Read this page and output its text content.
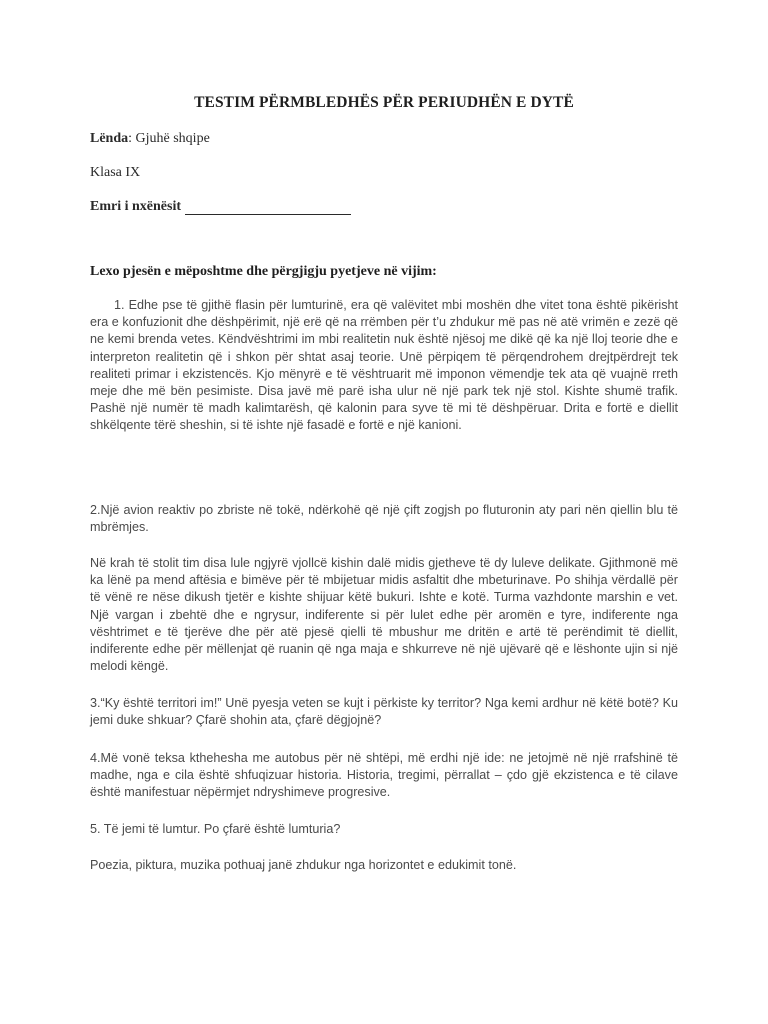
TESTIM PËRMBLEDHËS PËR PERIUDHËN E DYTË
Lënda: Gjuhë shqipe
Klasa IX
Emri i nxënësit
Lexo pjesën e mëposhtme dhe përgjigju pyetjeve në vijim:

1. Edhe pse të gjithë flasin për lumturinë, era që valëvitet mbi moshën dhe vitet tona është pikërisht era e konfuzionit dhe dëshpërimit, një erë që na rrëmben për t’u zhdukur më pas në atë vrimën e zezë që ne kemi brenda vetes. Këndvështrimi im mbi realitetin nuk është njësoj me dikë që ka një lloj teorie dhe e interpreton realitetin që i shkon për shtat asaj teorie. Unë përpiqem të përqendrohem drejtpërdrejt tek realiteti primar i ekzistencës. Kjo mënyrë e të vështruarit më imponon vëmendje tek ata që vuajnë rreth meje dhe më bën pesimiste. Disa javë më parë isha ulur në një park tek një stol. Kishte shumë trafik. Pashë një numër të madh kalimtarësh, që kalonin para syve të mi të dëshpëruar. Drita e fortë e diellit shkëlqente tërë sheshin, si të ishte një fasadë e fortë e një kanioni.

2.Një avion reaktiv po zbriste në tokë, ndërkohë që një çift zogjsh po fluturonin aty pari nën qiellin blu të mbrëmjes.

Në krah të stolit tim disa lule ngjyrë vjollcë kishin dalë midis gjetheve të dy luleve delikate. Gjithmonë më ka lënë pa mend aftësia e bimëve për të mbijetuar midis asfaltit dhe mbeturinave. Po shihja vërdallë për të vënë re nëse dikush tjetër e kishte shijuar këtë bukuri. Ishte e kotë. Turma vazhdonte marshin e vet. Një vargan i zbehtë dhe e ngrysur, indiferente si për lulet edhe për aromën e tyre, indiferente nga vështrimet e të tjerëve dhe për atë pjesë qielli të mbushur me dritën e artë të perëndimit të diellit, indiferente edhe për mëllenjat që ruanin që nga maja e shkurreve në një ujëvarë që e lëshonte ujin si një melodi këngë.

3.“Ky është territori im!” Unë pyesja veten se kujt i përkiste ky territor? Nga kemi ardhur në këtë botë? Ku jemi duke shkuar? Çfarë shohin ata, çfarë dëgjojnë?

4.Më vonë teksa kthehesha me autobus për në shtëpi, më erdhi një ide: ne jetojmë në një rrafshinë të madhe, nga e cila është shfuqizuar historia. Historia, tregimi, përrallat – çdo gjë ekzistenca e të cilave është manifestuar nëpërmjet ndryshimeve progresive.

5. Të jemi të lumtur. Po çfarë është lumturia?

Poezia, piktura, muzika pothuaj janë zhdukur nga horizontet e edukimit tonë.
